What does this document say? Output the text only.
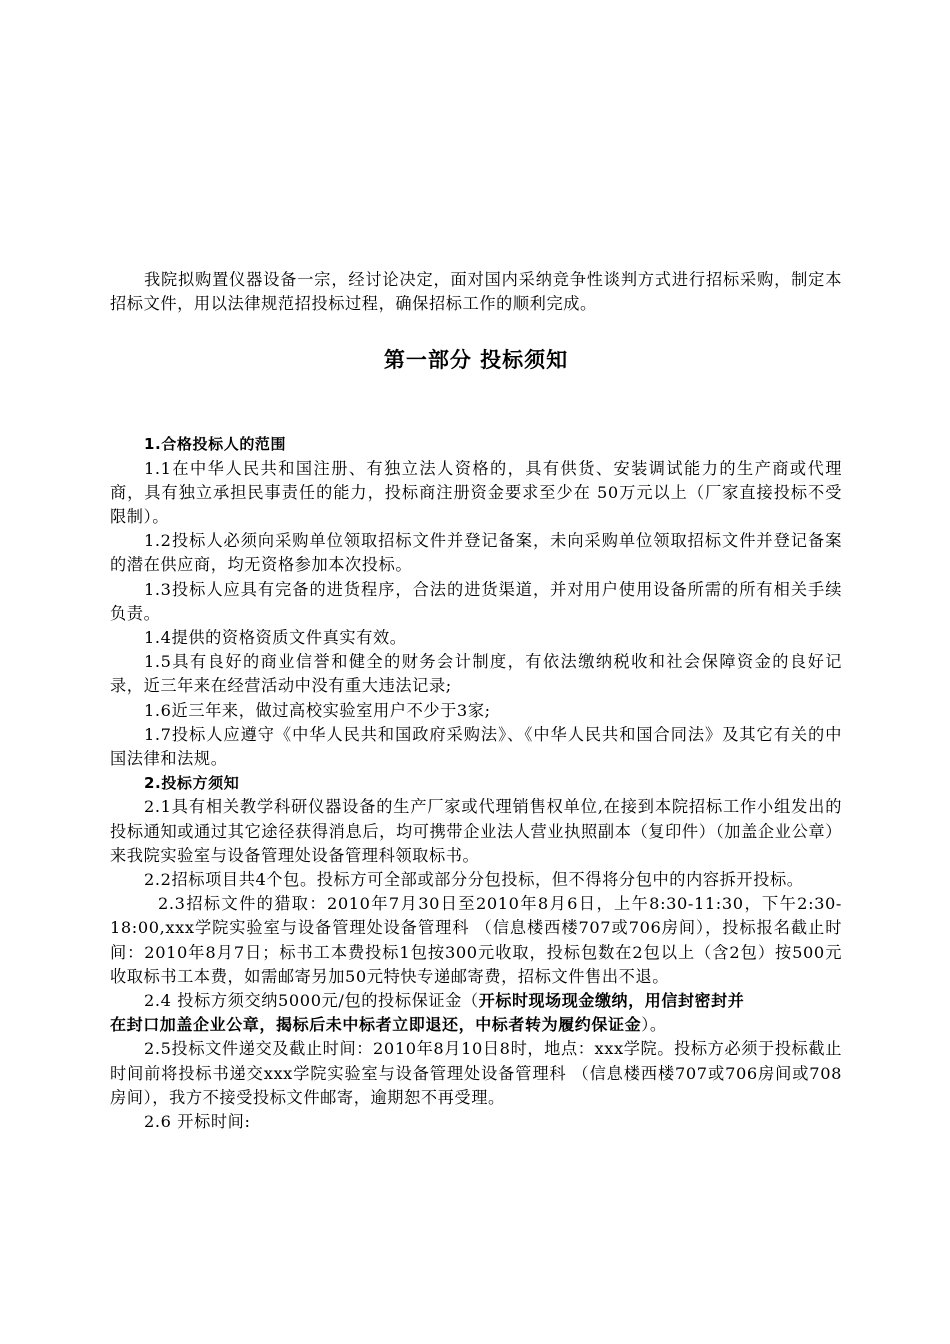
我院拟购置仪器设备一宗，经讨论决定，面对国内采纳竞争性谈判方式进行招标采购，制定本招标文件，用以法律规范招投标过程，确保招标工作的顺利完成。

第一部分 投标须知

1.合格投标人的范围

1.1在中华人民共和国注册、有独立法人资格的，具有供货、安装调试能力的生产商或代理商，具有独立承担民事责任的能力，投标商注册资金要求至少在 50万元以上（厂家直接投标不受限制）。

1.2投标人必须向采购单位领取招标文件并登记备案，未向采购单位领取招标文件并登记备案的潜在供应商，均无资格参加本次投标。

1.3投标人应具有完备的进货程序，合法的进货渠道，并对用户使用设备所需的所有相关手续负责。

1.4提供的资格资质文件真实有效。

1.5具有良好的商业信誉和健全的财务会计制度，有依法缴纳税收和社会保障资金的良好记录，近三年来在经营活动中没有重大违法记录;

1.6近三年来，做过高校实验室用户不少于3家;

1.7投标人应遵守《中华人民共和国政府采购法》、《中华人民共和国合同法》及其它有关的中国法律和法规。

2.投标方须知

2.1具有相关教学科研仪器设备的生产厂家或代理销售权单位,在接到本院招标工作小组发出的投标通知或通过其它途径获得消息后，均可携带企业法人营业执照副本（复印件）（加盖企业公章）来我院实验室与设备管理处设备管理科领取标书。

2.2招标项目共4个包。投标方可全部或部分分包投标，但不得将分包中的内容拆开投标。

2.3招标文件的猎取：2010年7月30日至2010年8月6日，上午8:30-11:30，下午2:30-18:00,xxx学院实验室与设备管理处设备管理科 （信息楼西楼707或706房间），投标报名截止时间：2010年8月7日；标书工本费投标1包按300元收取，投标包数在2包以上（含2包）按500元收取标书工本费，如需邮寄另加50元特快专递邮寄费，招标文件售出不退。

2.4 投标方须交纳5000元/包的投标保证金（开标时现场现金缴纳，用信封密封并

在封口加盖企业公章，揭标后未中标者立即退还，中标者转为履约保证金）。

2.5投标文件递交及截止时间：2010年8月10日8时，地点：xxx学院。投标方必须于投标截止时间前将投标书递交xxx学院实验室与设备管理处设备管理科 （信息楼西楼707或706房间或708房间），我方不接受投标文件邮寄，逾期恕不再受理。

2.6 开标时间:
